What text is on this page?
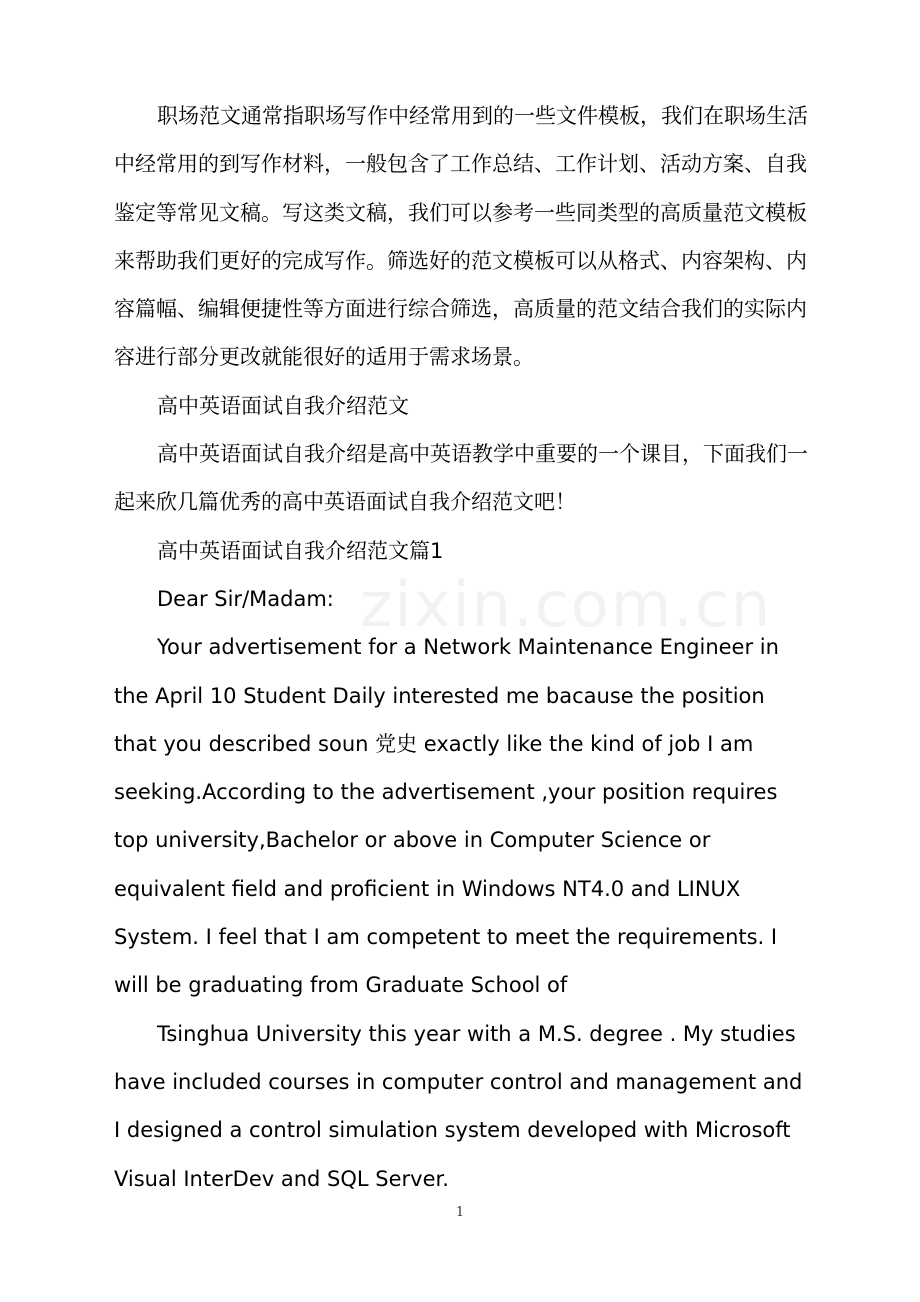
zixin.com.cn

职场范文通常指职场写作中经常用到的一些文件模板，我们在职场生活中经常用的到写作材料，一般包含了工作总结、工作计划、活动方案、自我鉴定等常见文稿。写这类文稿，我们可以参考一些同类型的高质量范文模板来帮助我们更好的完成写作。筛选好的范文模板可以从格式、内容架构、内容篇幅、编辑便捷性等方面进行综合筛选，高质量的范文结合我们的实际内容进行部分更改就能很好的适用于需求场景。

高中英语面试自我介绍范文

高中英语面试自我介绍是高中英语教学中重要的一个课目，下面我们一起来欣几篇优秀的高中英语面试自我介绍范文吧！

高中英语面试自我介绍范文篇1

Dear Sir/Madam:

Your advertisement for a Network Maintenance Engineer in the April 10 Student Daily interested me bacause the position that you described soun 党史 exactly like the kind of job I am seeking.According to the advertisement ,your position requires top university,Bachelor or above in Computer Science or equivalent field and proficient in Windows NT4.0 and LINUX System. I feel that I am competent to meet the requirements. I will be graduating from Graduate School of

Tsinghua University this year with a M.S. degree . My studies have included courses in computer control and management and I designed a control simulation system developed with Microsoft Visual InterDev and SQL Server.

1
